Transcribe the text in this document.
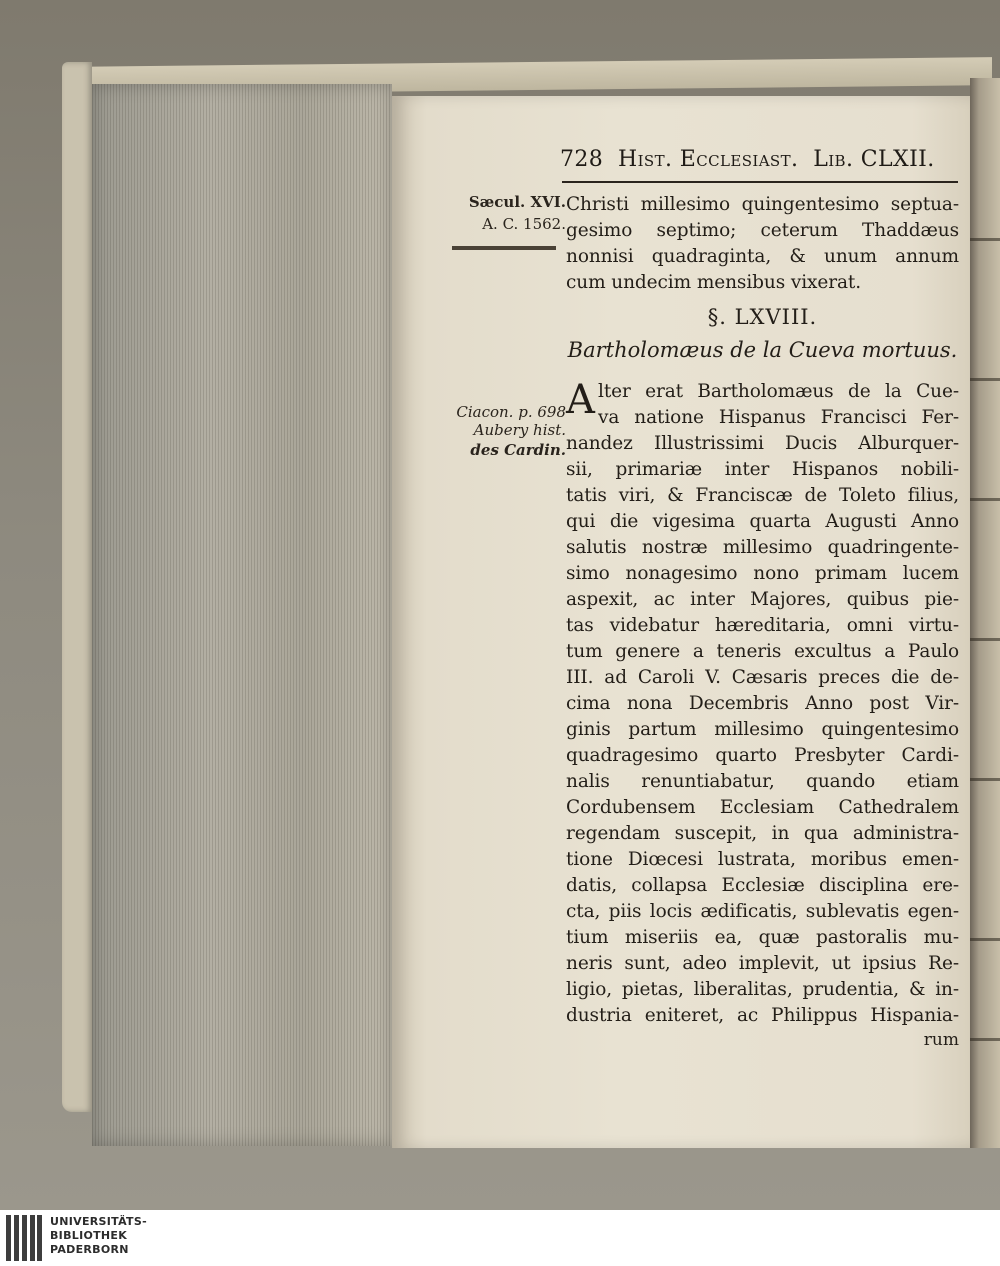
728 Hist. Ecclesiast. Lib. CLXII.
Sæcul. XVI.
A. C. 1562.
Ciacon. p. 698
Aubery hist.
des Cardin.
Christi millesimo quingentesimo septua-
gesimo septimo; ceterum Thaddæus
nonnisi quadraginta, & unum annum
cum undecim mensibus vixerat.
§. LXVIII.
Bartholomæus de la Cueva mortuus.
A lter erat Bartholomæus de la Cue-
va natione Hispanus Francisci Fer-
nandez Illustrissimi Ducis Alburquer-
sii, primariæ inter Hispanos nobili-
tatis viri, & Franciscæ de Toleto filius,
qui die vigesima quarta Augusti Anno
salutis nostræ millesimo quadringente-
simo nonagesimo nono primam lucem
aspexit, ac inter Majores, quibus pie-
tas videbatur hæreditaria, omni virtu-
tum genere a teneris excultus a Paulo
III. ad Caroli V. Cæsaris preces die de-
cima nona Decembris Anno post Vir-
ginis partum millesimo quingentesimo
quadragesimo quarto Presbyter Cardi-
nalis renuntiabatur, quando etiam
Cordubensem Ecclesiam Cathedralem
regendam suscepit, in qua administra-
tione Diœcesi lustrata, moribus emen-
datis, collapsa Ecclesiæ disciplina ere-
cta, piis locis ædificatis, sublevatis egen-
tium miseriis ea, quæ pastoralis mu-
neris sunt, adeo implevit, ut ipsius Re-
ligio, pietas, liberalitas, prudentia, & in-
dustria eniteret, ac Philippus Hispania-
rum
UNIVERSITÄTS-
BIBLIOTHEK
PADERBORN
